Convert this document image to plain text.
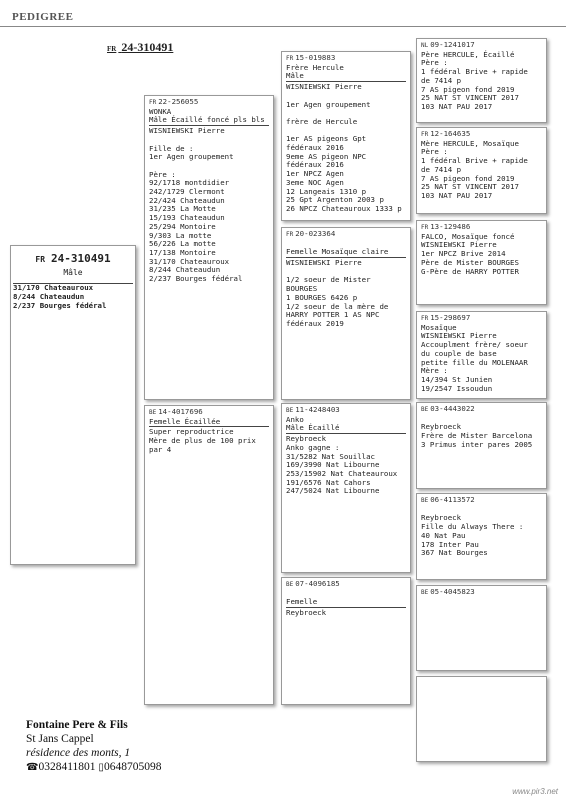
PEDIGREE
FR 24-310491
FR 24-310491
Mâle
31/170 Chateauroux
8/244 Chateaudun
2/237 Bourges fédéral
FR 22-256055
WONKA
Mâle Écaillé foncé pls bls
WISNIEWSKI Pierre
Fille de :
1er Agen groupement
Père :
92/1718 montdidier
242/1729 Clermont
22/424 Chateaudun
31/235 La Motte
15/193 Chateaudun
25/294 Montoire
9/303 La motte
56/226 La motte
17/138 Montoire
31/170 Chateauroux
8/244 Chateaudun
2/237 Bourges fédéral
BE 14-4017696
Femelle Écaillée
Super reproductrice
Mère de plus de 100 prix
par 4
FR 15-019883
Frère Hercule
Mâle
WISNIEWSKI Pierre
1er Agen groupement
frère de Hercule
1er AS pigeons Gpt
fédéraux 2016
9eme AS pigeon NPC
fédéraux 2016
1er NPCZ Agen
3eme NOC Agen
12 Langeais 1310 p
25 Gpt Argenton 2003 p
26 NPCZ Chateauroux 1333 p
FR 20-023364
Femelle Mosaïque claire
WISNIEWSKI Pierre
1/2 soeur de Mister
BOURGES
1 BOURGES 6426 p
1/2 soeur de la mère de
HARRY POTTER 1 AS NPC
fédéraux 2019
BE 11-4248403
Anko
Mâle Écaillé
Reybroeck
Anko gagne :
31/5282 Nat Souillac
169/3990 Nat Libourne
253/15902 Nat Chateauroux
191/6576 Nat Cahors
247/5024 Nat Libourne
BE 07-4096185
Femelle
Reybroeck
NL 09-1241017
Père HERCULE, Écaillé
Père :
1 fédéral Brive + rapide
de 7414 p
7 AS pigeon fond 2019
25 NAT ST VINCENT 2017
103 NAT PAU 2017
FR 12-164635
Mère HERCULE, Mosaïque
Père :
1 fédéral Brive + rapide
de 7414 p
7 AS pigeon fond 2019
25 NAT ST VINCENT 2017
103 NAT PAU 2017
FR 13-129486
FALCO, Mosaïque foncé
WISNIEWSKI Pierre
1er NPCZ Brive 2014
Père de Mister BOURGES
G-Père de HARRY POTTER
FR 15-298697
Mosaïque
WISNIEWSKI Pierre
Accouplment frère/ soeur
du couple de base
petite fille du MOLENAAR
Mère :
14/394 St Junien
19/2547 Issoudun
BE 03-4443022
Reybroeck
Frère de Mister Barcelona
3 Primus inter pares 2005
BE 06-4113572
Reybroeck
Fille du Always There :
40 Nat Pau
178 Inter Pau
367 Nat Bourges
BE 05-4045823
Fontaine Pere & Fils
St Jans Cappel
résidence des monts, 1
☎0328411801 ▯0648705098
www.pir3.net
